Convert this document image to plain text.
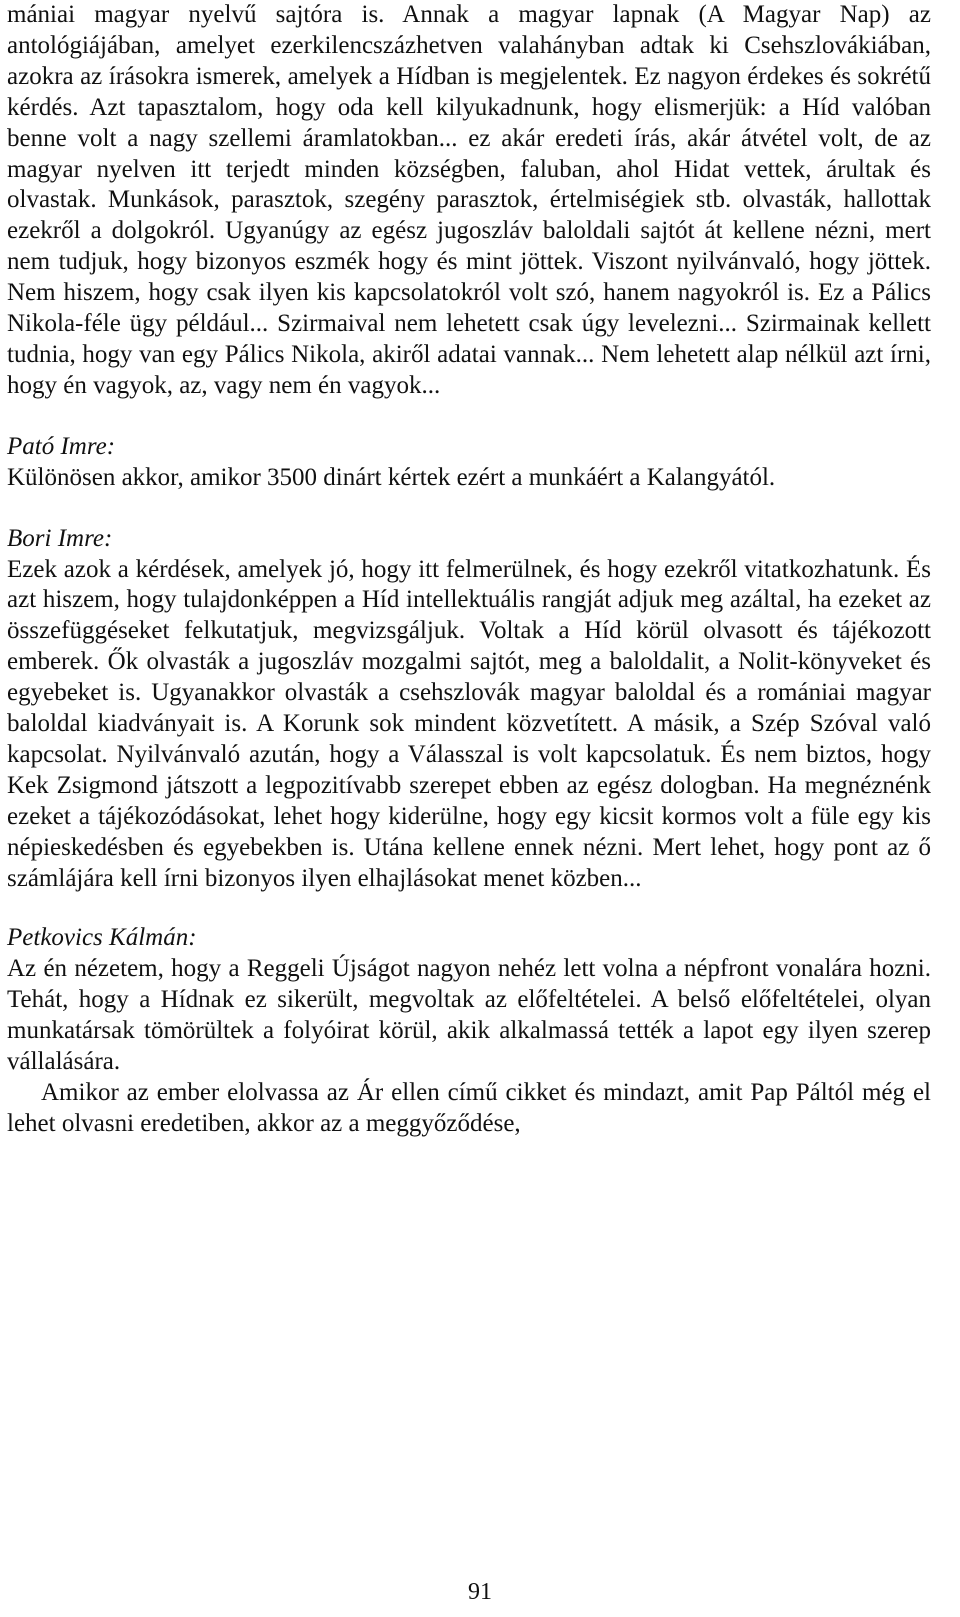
mániai magyar nyelvű sajtóra is. Annak a magyar lapnak (A Magyar Nap) az antológiájában, amelyet ezerkilencszázhetven valahányban adtak ki Csehszlovákiában, azokra az írásokra ismerek, amelyek a Hídban is megjelentek. Ez nagyon érdekes és sokrétű kérdés. Azt tapasztalom, hogy oda kell kilyukadnunk, hogy elismerjük: a Híd valóban benne volt a nagy szellemi áramlatokban... ez akár eredeti írás, akár átvétel volt, de az magyar nyelven itt terjedt minden községben, faluban, ahol Hidat vettek, árultak és olvastak. Munkások, parasztok, szegény parasztok, értelmiségiek stb. olvasták, hallottak ezekről a dolgokról. Ugyanúgy az egész jugoszláv baloldali sajtót át kellene nézni, mert nem tudjuk, hogy bizonyos eszmék hogy és mint jöttek. Viszont nyilvánvaló, hogy jöttek. Nem hiszem, hogy csak ilyen kis kapcsolatokról volt szó, hanem nagyokról is. Ez a Pálics Nikola-féle ügy például... Szirmaival nem lehetett csak úgy levelezni... Szirmainak kellett tudnia, hogy van egy Pálics Nikola, akiről adatai vannak... Nem lehetett alap nélkül azt írni, hogy én vagyok, az, vagy nem én vagyok...

Pató Imre:

Különösen akkor, amikor 3500 dinárt kértek ezért a munkáért a Kalangyától.

Bori Imre:

Ezek azok a kérdések, amelyek jó, hogy itt felmerülnek, és hogy ezekről vitatkozhatunk. És azt hiszem, hogy tulajdonképpen a Híd intellektuális rangját adjuk meg azáltal, ha ezeket az összefüggéseket felkutatjuk, megvizsgáljuk. Voltak a Híd körül olvasott és tájékozott emberek. Ők olvasták a jugoszláv mozgalmi sajtót, meg a baloldalit, a Nolit-könyveket és egyebeket is. Ugyanakkor olvasták a csehszlovák magyar baloldal és a romániai magyar baloldal kiadványait is. A Korunk sok mindent közvetített. A másik, a Szép Szóval való kapcsolat. Nyilvánvaló azután, hogy a Válasszal is volt kapcsolatuk. És nem biztos, hogy Kek Zsigmond játszott a legpozitívabb szerepet ebben az egész dologban. Ha megnéznénk ezeket a tájékozódásokat, lehet hogy kiderülne, hogy egy kicsit kormos volt a füle egy kis népieskedésben és egyebekben is. Utána kellene ennek nézni. Mert lehet, hogy pont az ő számlájára kell írni bizonyos ilyen elhajlásokat menet közben...

Petkovics Kálmán:

Az én nézetem, hogy a Reggeli Újságot nagyon nehéz lett volna a népfront vonalára hozni. Tehát, hogy a Hídnak ez sikerült, megvoltak az előfeltételei. A belső előfeltételei, olyan munkatársak tömörültek a folyóirat körül, akik alkalmassá tették a lapot egy ilyen szerep vállalására.

Amikor az ember elolvassa az Ár ellen című cikket és mindazt, amit Pap Páltól még el lehet olvasni eredetiben, akkor az a meggyőződése,

91
